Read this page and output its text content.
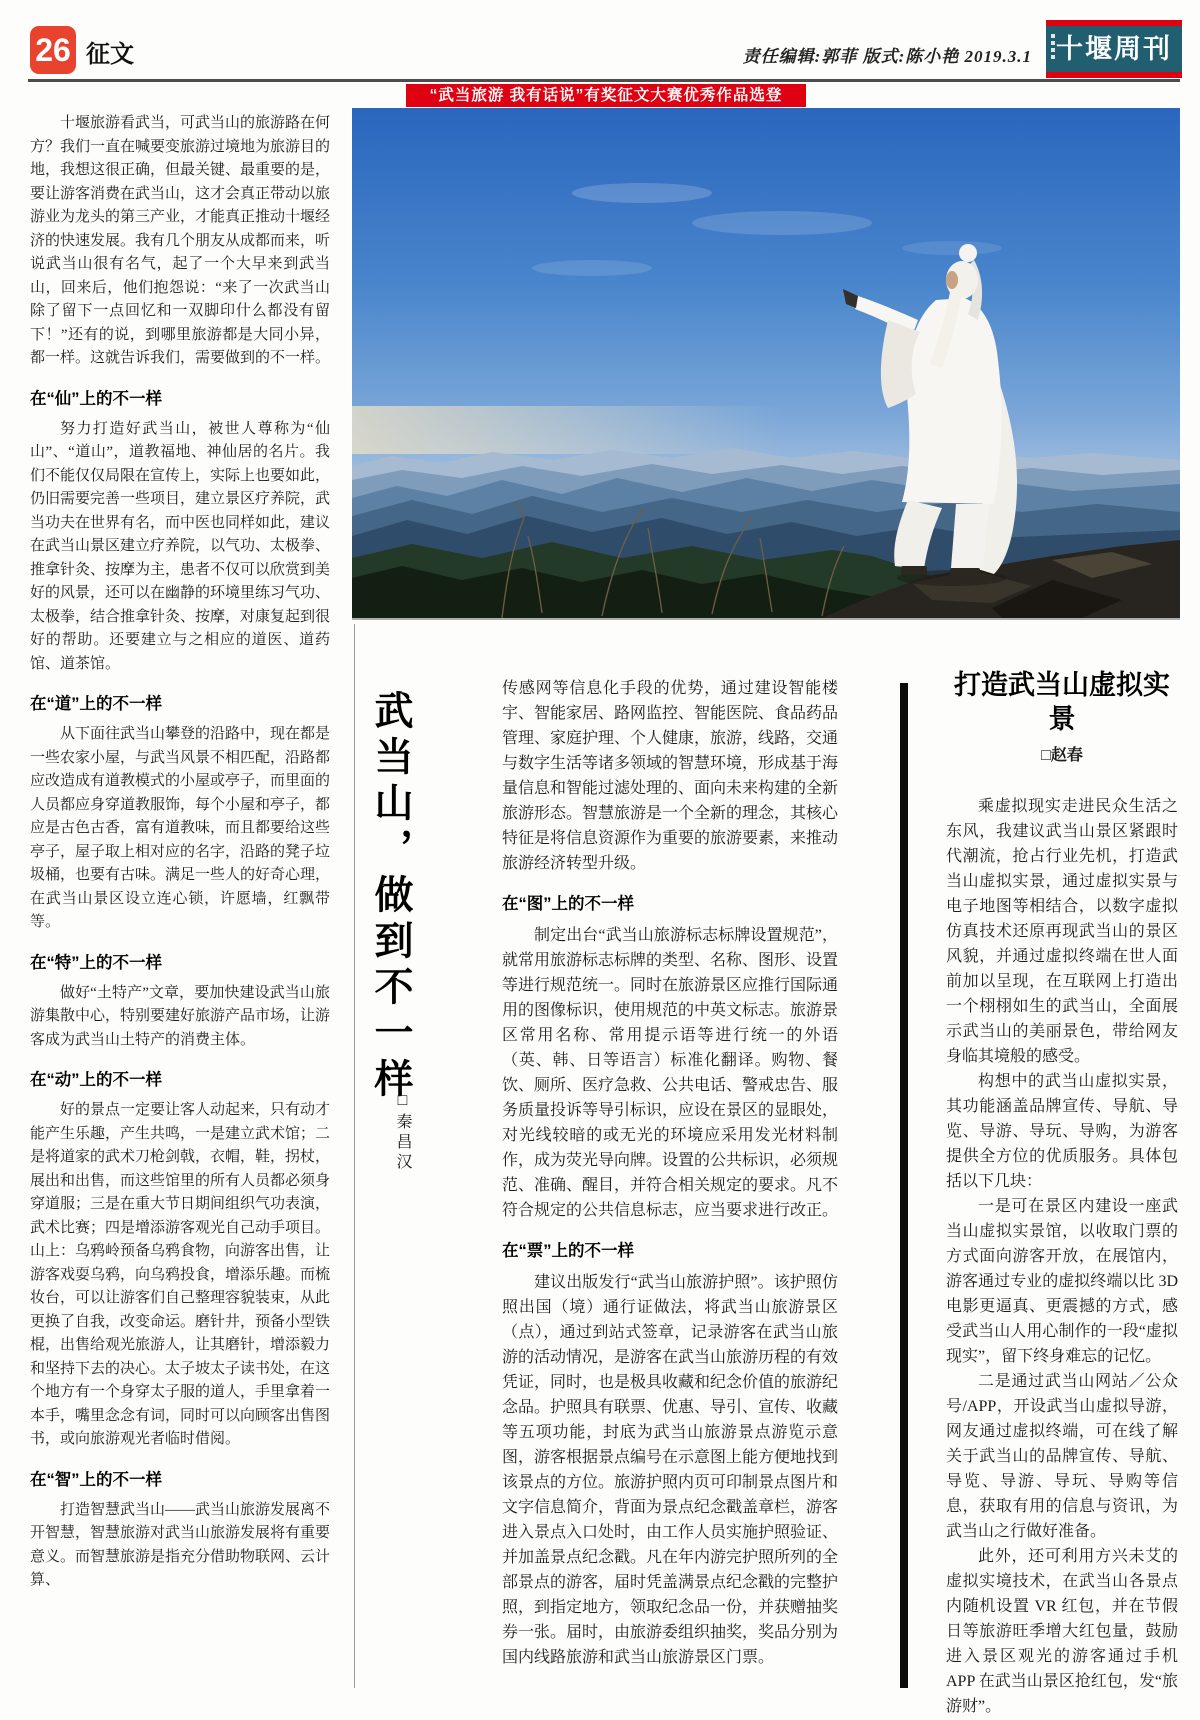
26 征文	责任编辑:郭菲 版式:陈小艳 2019.3.1 十堰周刊
“武当旅游 我有话说”有奖征文大赛优秀作品选登

十堰旅游看武当，可武当山的旅游路在何方？我们一直在喊要变旅游过境地为旅游目的地，我想这很正确，但最关键、最重要的是，要让游客消费在武当山，这才会真正带动以旅游业为龙头的第三产业，才能真正推动十堰经济的快速发展。我有几个朋友从成都而来，听说武当山很有名气，起了一个大早来到武当山，回来后，他们抱怨说：“来了一次武当山除了留下一点回忆和一双脚印什么都没有留下！”还有的说，到哪里旅游都是大同小异，都一样。这就告诉我们，需要做到的不一样。

在“仙”上的不一样

努力打造好武当山，被世人尊称为“仙山”、“道山”，道教福地、神仙居的名片。我们不能仅仅局限在宣传上，实际上也要如此，仍旧需要完善一些项目，建立景区疗养院，武当功夫在世界有名，而中医也同样如此，建议在武当山景区建立疗养院，以气功、太极拳、推拿针灸、按摩为主，患者不仅可以欣赏到美好的风景，还可以在幽静的环境里练习气功、太极拳，结合推拿针灸、按摩，对康复起到很好的帮助。还要建立与之相应的道医、道药馆、道茶馆。

在“道”上的不一样

从下面往武当山攀登的沿路中，现在都是一些农家小屋，与武当风景不相匹配，沿路都应改造成有道教模式的小屋或亭子，而里面的人员都应身穿道教服饰，每个小屋和亭子，都应是古色古香，富有道教味，而且都要给这些亭子，屋子取上相对应的名字，沿路的凳子垃圾桶，也要有古味。满足一些人的好奇心理，在武当山景区设立连心锁，许愿墙，红飘带等。

在“特”上的不一样

做好“土特产”文章，要加快建设武当山旅游集散中心，特别要建好旅游产品市场，让游客成为武当山土特产的消费主体。

在“动”上的不一样

好的景点一定要让客人动起来，只有动才能产生乐趣，产生共鸣，一是建立武术馆；二是将道家的武术刀枪剑戟，衣帽，鞋，拐杖，展出和出售，而这些馆里的所有人员都必须身穿道服；三是在重大节日期间组织气功表演，武术比赛；四是增添游客观光自己动手项目。山上：乌鸦岭预备乌鸦食物，向游客出售，让游客戏耍乌鸦，向乌鸦投食，增添乐趣。而梳妆台，可以让游客们自己整理容貌装束，从此更换了自我，改变命运。磨针井，预备小型铁棍，出售给观光旅游人，让其磨针，增添毅力和坚持下去的决心。太子坡太子读书处，在这个地方有一个身穿太子服的道人，手里拿着一本手，嘴里念念有词，同时可以向顾客出售图书，或向旅游观光者临时借阅。

在“智”上的不一样

打造智慧武当山——武当山旅游发展离不开智慧，智慧旅游对武当山旅游发展将有重要意义。而智慧旅游是指充分借助物联网、云计算、

武当山，做到不一样
□秦昌汉

传感网等信息化手段的优势，通过建设智能楼宇、智能家居、路网监控、智能医院、食品药品管理、家庭护理、个人健康，旅游，线路，交通与数字生活等诸多领域的智慧环境，形成基于海量信息和智能过滤处理的、面向未来构建的全新旅游形态。智慧旅游是一个全新的理念，其核心特征是将信息资源作为重要的旅游要素，来推动旅游经济转型升级。

在“图”上的不一样

制定出台“武当山旅游标志标牌设置规范”，就常用旅游标志标牌的类型、名称、图形、设置等进行规范统一。同时在旅游景区应推行国际通用的图像标识，使用规范的中英文标志。旅游景区常用名称、常用提示语等进行统一的外语（英、韩、日等语言）标准化翻译。购物、餐饮、厕所、医疗急救、公共电话、警戒忠告、服务质量投诉等导引标识，应设在景区的显眼处，对光线较暗的或无光的环境应采用发光材料制作，成为荧光导向牌。设置的公共标识，必须规范、准确、醒目，并符合相关规定的要求。凡不符合规定的公共信息标志，应当要求进行改正。

在“票”上的不一样

建议出版发行“武当山旅游护照”。该护照仿照出国（境）通行证做法，将武当山旅游景区（点），通过到站式签章，记录游客在武当山旅游的活动情况，是游客在武当山旅游历程的有效凭证，同时，也是极具收藏和纪念价值的旅游纪念品。护照具有联票、优惠、导引、宣传、收藏等五项功能，封底为武当山旅游景点游览示意图，游客根据景点编号在示意图上能方便地找到该景点的方位。旅游护照内页可印制景点图片和文字信息简介，背面为景点纪念戳盖章栏，游客进入景点入口处时，由工作人员实施护照验证、并加盖景点纪念戳。凡在年内游完护照所列的全部景点的游客，届时凭盖满景点纪念戳的完整护照，到指定地方，领取纪念品一份，并获赠抽奖券一张。届时，由旅游委组织抽奖，奖品分别为国内线路旅游和武当山旅游景区门票。

打造武当山虚拟实景
□赵春

乘虚拟现实走进民众生活之东风，我建议武当山景区紧跟时代潮流，抢占行业先机，打造武当山虚拟实景，通过虚拟实景与电子地图等相结合，以数字虚拟仿真技术还原再现武当山的景区风貌，并通过虚拟终端在世人面前加以呈现，在互联网上打造出一个栩栩如生的武当山，全面展示武当山的美丽景色，带给网友身临其境般的感受。

构想中的武当山虚拟实景，其功能涵盖品牌宣传、导航、导览、导游、导玩、导购，为游客提供全方位的优质服务。具体包括以下几块：

一是可在景区内建设一座武当山虚拟实景馆，以收取门票的方式面向游客开放，在展馆内，游客通过专业的虚拟终端以比 3D 电影更逼真、更震撼的方式，感受武当山人用心制作的一段“虚拟现实”，留下终身难忘的记忆。

二是通过武当山网站／公众号/APP，开设武当山虚拟导游，网友通过虚拟终端，可在线了解关于武当山的品牌宣传、导航、导览、导游、导玩、导购等信息，获取有用的信息与资讯，为武当山之行做好准备。

此外，还可利用方兴未艾的虚拟实境技术，在武当山各景点内随机设置 VR 红包，并在节假日等旅游旺季增大红包量，鼓励进入景区观光的游客通过手机 APP 在武当山景区抢红包，发“旅游财”。
